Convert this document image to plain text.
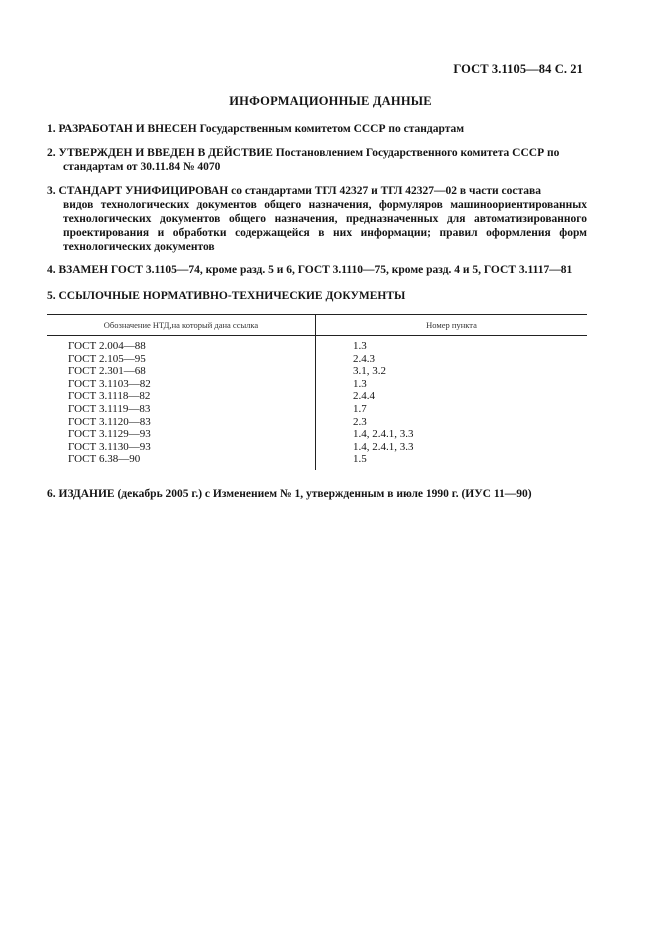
ГОСТ 3.1105—84 С. 21
ИНФОРМАЦИОННЫЕ ДАННЫЕ
1. РАЗРАБОТАН И ВНЕСЕН Государственным комитетом СССР по стандартам
2. УТВЕРЖДЕН И ВВЕДЕН В ДЕЙСТВИЕ Постановлением Государственного комитета СССР по
стандартам от 30.11.84 № 4070
3. СТАНДАРТ УНИФИЦИРОВАН со стандартами ТГЛ 42327 и ТГЛ 42327—02 в части состава
видов технологических документов общего назначения, формуляров машиноориентированных технологических документов общего назначения, предназначенных для автоматизированного проектирования и обработки содержащейся в них информации; правил оформления форм технологических документов
4. ВЗАМЕН ГОСТ 3.1105—74, кроме разд. 5 и 6, ГОСТ 3.1110—75, кроме разд. 4 и 5, ГОСТ 3.1117—81
5. ССЫЛОЧНЫЕ НОРМАТИВНО-ТЕХНИЧЕСКИЕ ДОКУМЕНТЫ
Обозначение НТД,на который дана ссылка	Номер пункта
ГОСТ 2.004—88
ГОСТ 2.105—95
ГОСТ 2.301—68
ГОСТ 3.1103—82
ГОСТ 3.1118—82
ГОСТ 3.1119—83
ГОСТ 3.1120—83
ГОСТ 3.1129—93
ГОСТ 3.1130—93
ГОСТ 6.38—90
1.3
2.4.3
3.1, 3.2
1.3
2.4.4
1.7
2.3
1.4, 2.4.1, 3.3
1.4, 2.4.1, 3.3
1.5
6. ИЗДАНИЕ (декабрь 2005 г.) с Изменением № 1, утвержденным в июле 1990 г. (ИУС 11—90)
